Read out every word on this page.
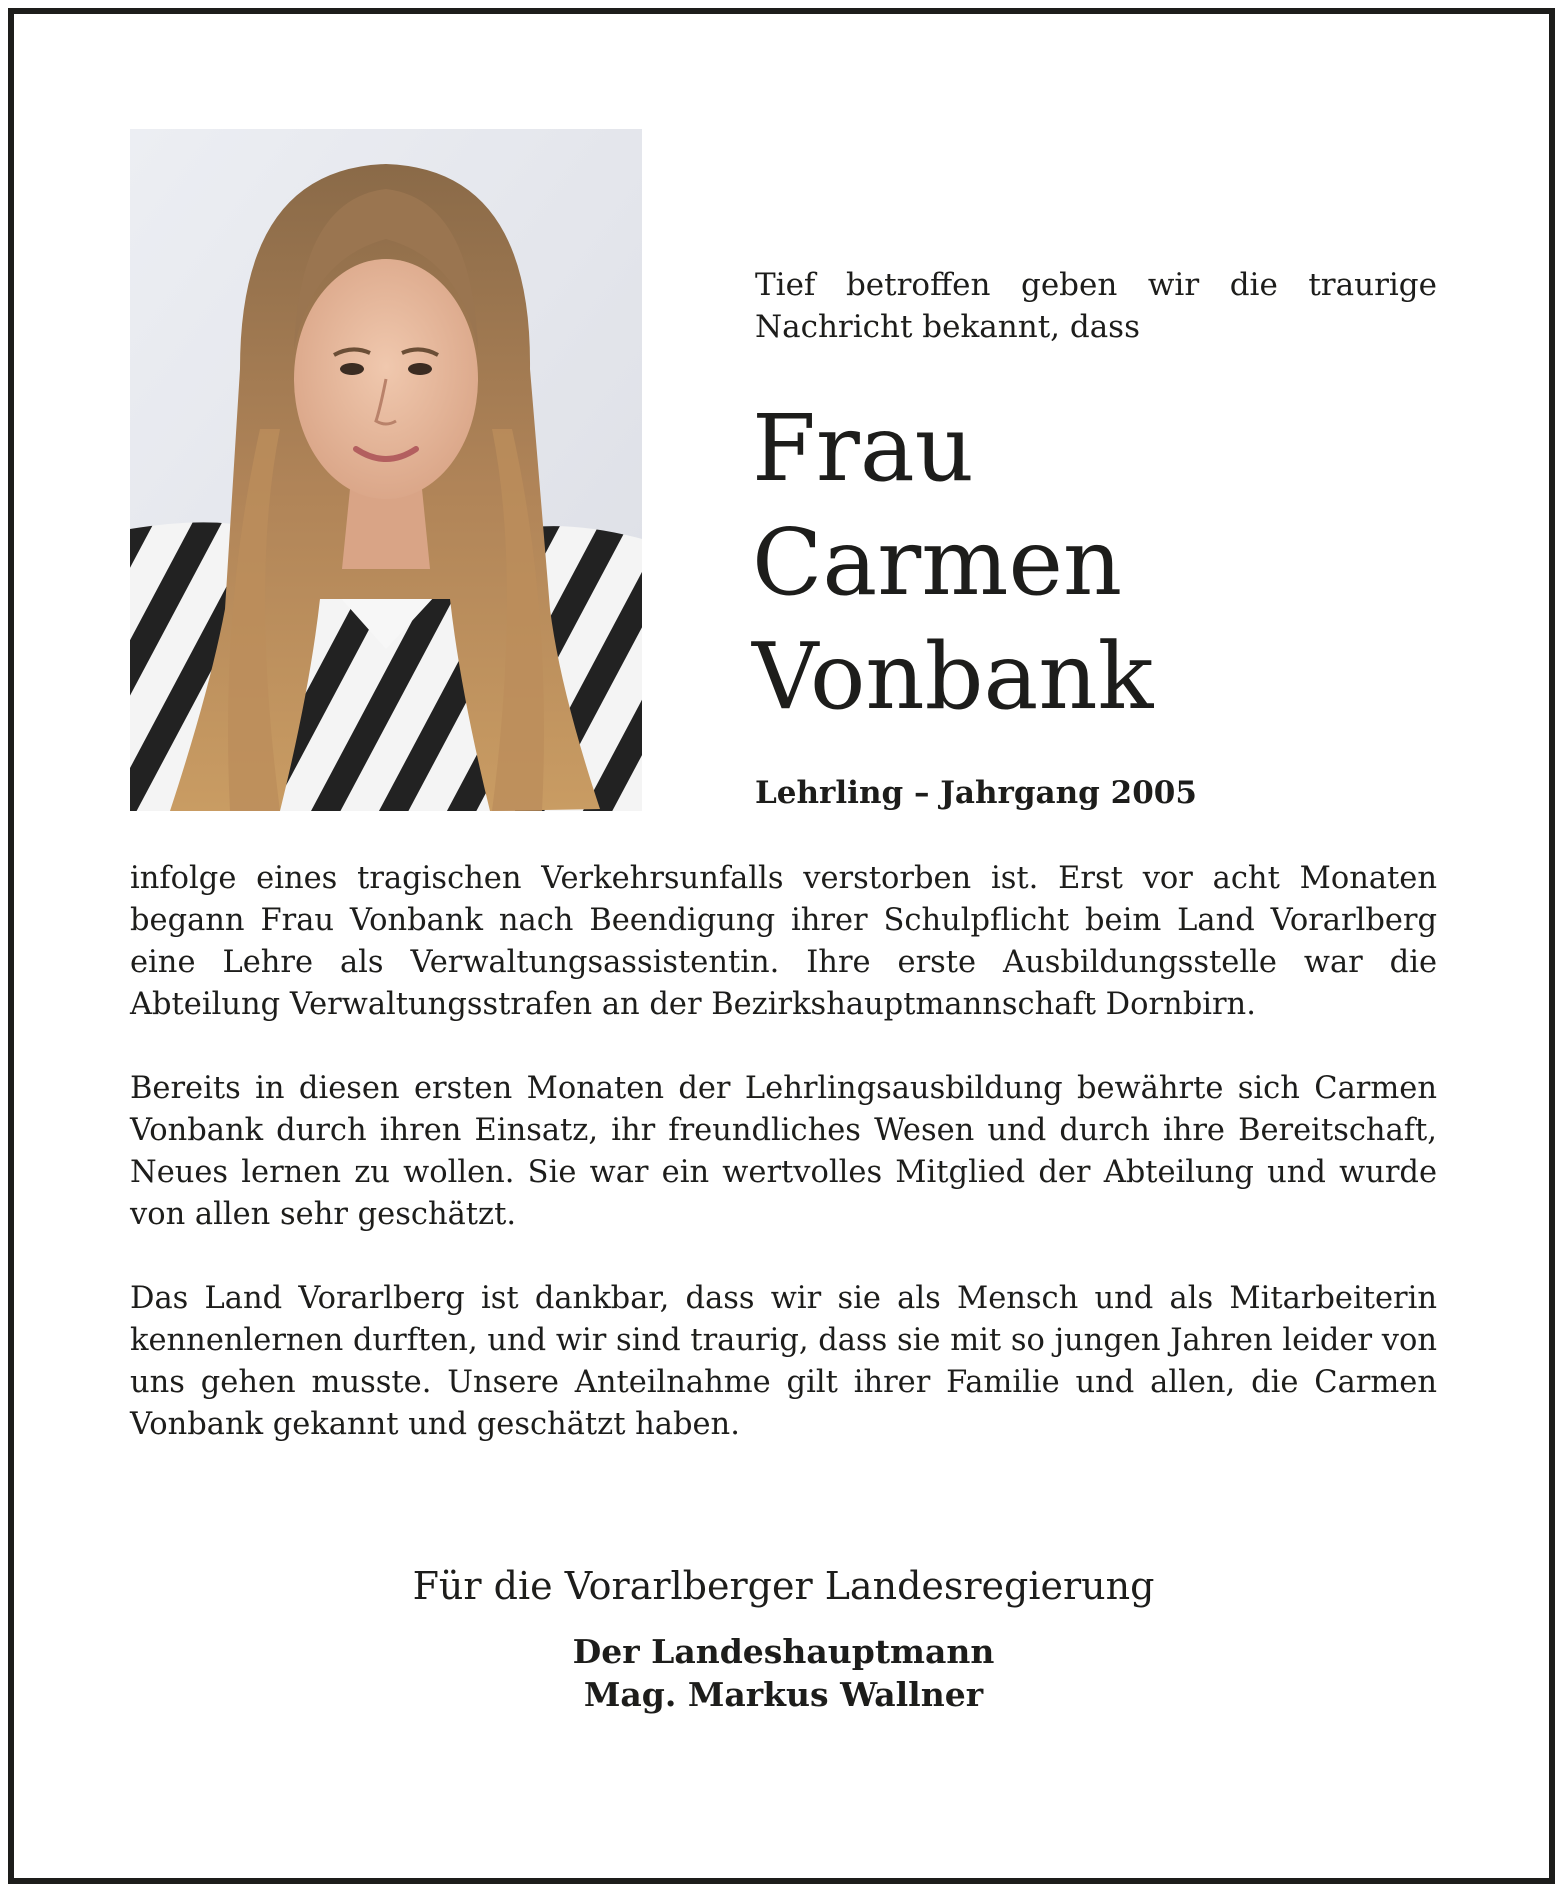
Tief betroffen geben wir die traurige Nachricht bekannt, dass
Frau
Carmen
Vonbank
Lehrling – Jahrgang 2005

infolge eines tragischen Verkehrsunfalls verstorben ist. Erst vor acht Monaten begann Frau Vonbank nach Beendigung ihrer Schulpflicht beim Land Vorarlberg eine Lehre als Verwaltungsassistentin. Ihre erste Ausbildungsstelle war die Abteilung Verwaltungsstrafen an der Bezirkshauptmannschaft Dornbirn.

Bereits in diesen ersten Monaten der Lehrlingsausbildung bewährte sich Carmen Vonbank durch ihren Einsatz, ihr freundliches Wesen und durch ihre Bereitschaft, Neues lernen zu wollen. Sie war ein wertvolles Mitglied der Abteilung und wurde von allen sehr geschätzt.

Das Land Vorarlberg ist dankbar, dass wir sie als Mensch und als Mitarbeiterin kennenlernen durften, und wir sind traurig, dass sie mit so jungen Jahren leider von uns gehen musste. Unsere Anteilnahme gilt ihrer Familie und allen, die Carmen Vonbank gekannt und geschätzt haben.

Für die Vorarlberger Landesregierung
Der Landeshauptmann
Mag. Markus Wallner
